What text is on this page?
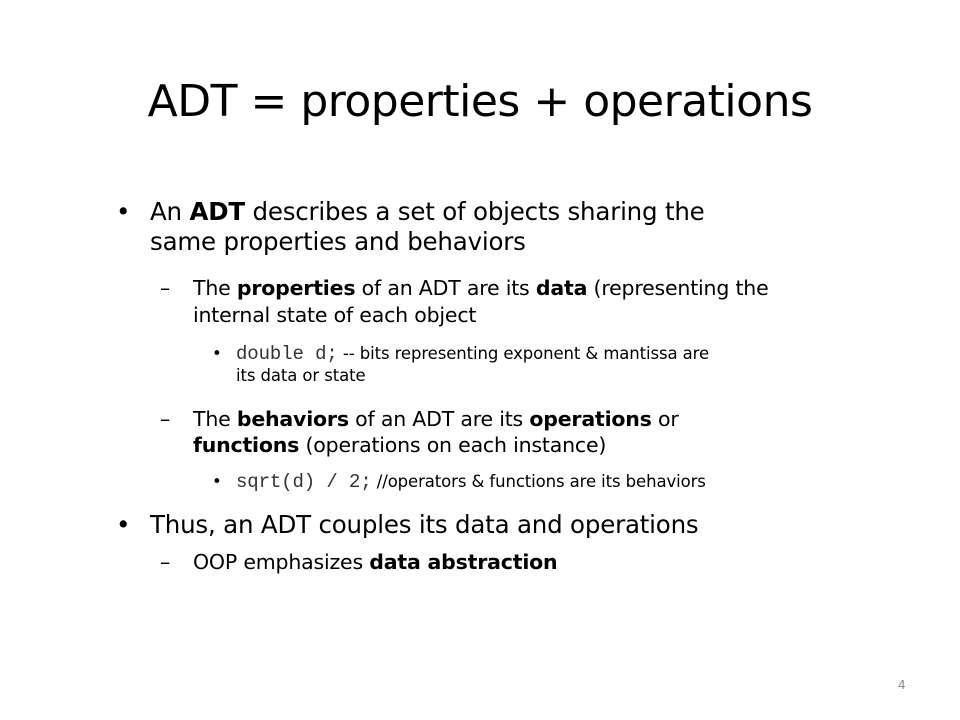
ADT = properties + operations
• An ADT describes a set of objects sharing the
same properties and behaviors
– The properties of an ADT are its data (representing the
internal state of each object
• double d; -- bits representing exponent & mantissa are
its data or state
– The behaviors of an ADT are its operations or
functions (operations on each instance)
• sqrt(d) / 2; //operators & functions are its behaviors
• Thus, an ADT couples its data and operations
– OOP emphasizes data abstraction
4
